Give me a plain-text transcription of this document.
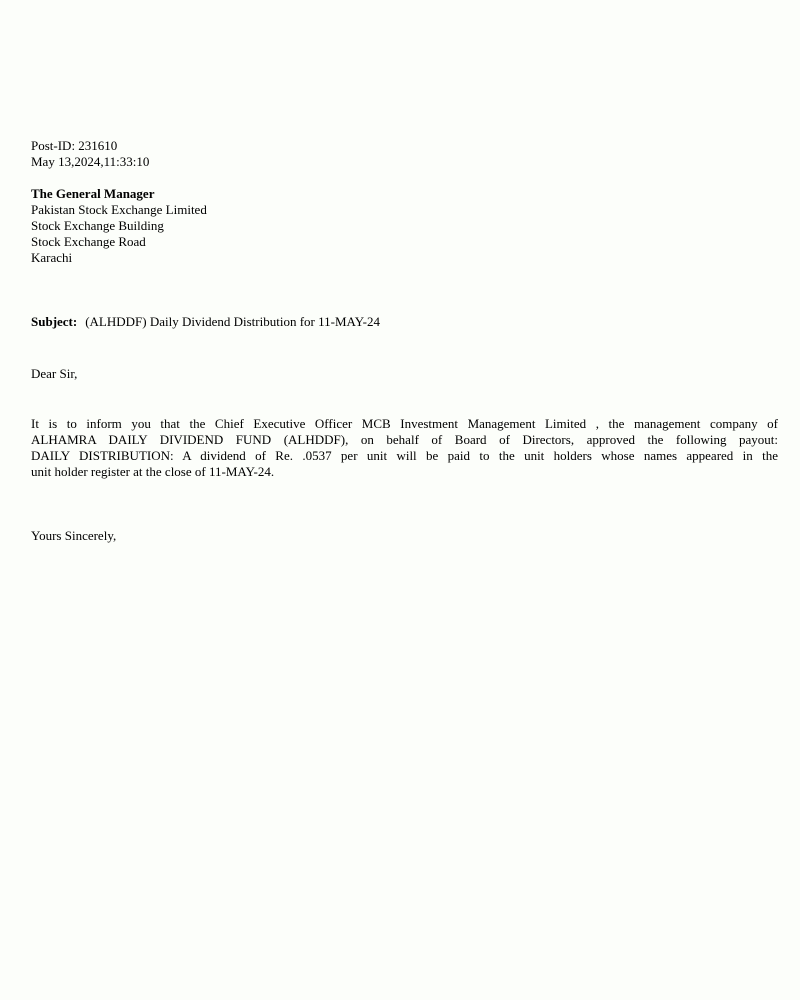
Post-ID: 231610
May 13,2024,11:33:10
The General Manager
Pakistan Stock Exchange Limited
Stock Exchange Building
Stock Exchange Road
Karachi
Subject: (ALHDDF) Daily Dividend Distribution for 11-MAY-24
Dear Sir,
It is to inform you that the Chief Executive Officer MCB Investment Management Limited , the management company of
ALHAMRA DAILY DIVIDEND FUND (ALHDDF), on behalf of Board of Directors, approved the following payout:
DAILY DISTRIBUTION: A dividend of Re. .0537 per unit will be paid to the unit holders whose names appeared in the
unit holder register at the close of 11-MAY-24.
Yours Sincerely,
